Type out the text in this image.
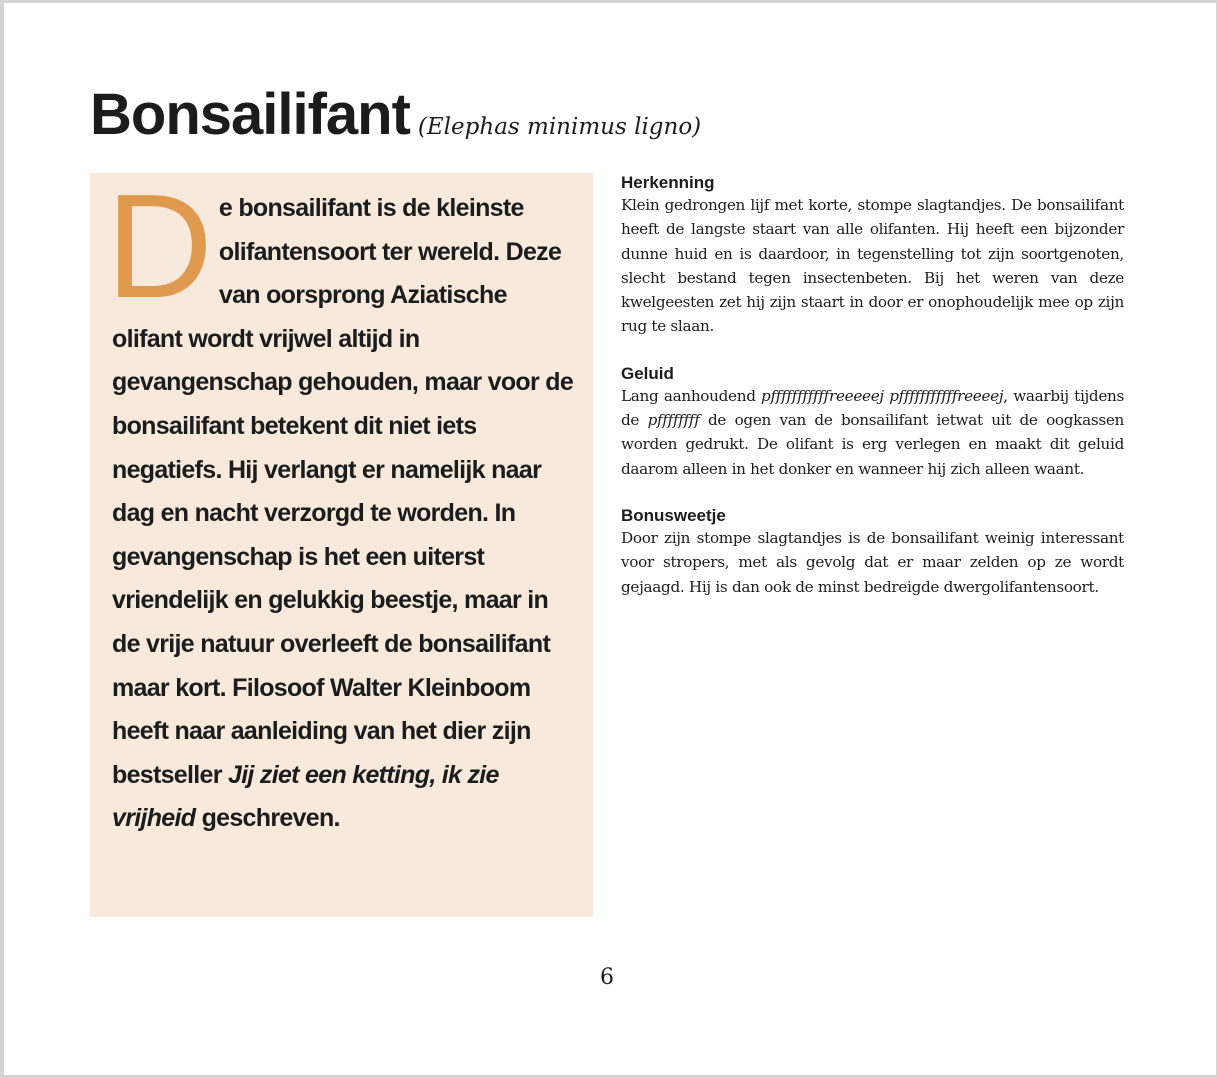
Bonsailifant (Elephas minimus ligno)

De bonsailifant is de kleinste olifantensoort ter wereld. Deze van oorsprong Aziatische olifant wordt vrijwel altijd in gevangenschap gehouden, maar voor de bonsailifant betekent dit niet iets negatiefs. Hij verlangt er namelijk naar dag en nacht verzorgd te worden. In gevangenschap is het een uiterst vriendelijk en gelukkig beestje, maar in de vrije natuur overleeft de bonsailifant maar kort. Filosoof Walter Kleinboom heeft naar aanleiding van het dier zijn bestseller Jij ziet een ketting, ik zie vrijheid geschreven.

Herkenning

Klein gedrongen lijf met korte, stompe slagtandjes. De bonsailifant heeft de langste staart van alle olifanten. Hij heeft een bijzonder dunne huid en is daardoor, in tegenstelling tot zijn soortgenoten, slecht bestand tegen insectenbeten. Bij het weren van deze kwelgeesten zet hij zijn staart in door er onophoudelijk mee op zijn rug te slaan.

Geluid

Lang aanhoudend pfffffffffffreeeeej pfffffffffffreeeej, waarbij tijdens de pffffffff de ogen van de bonsailifant ietwat uit de oogkassen worden gedrukt. De olifant is erg verlegen en maakt dit geluid daarom alleen in het donker en wanneer hij zich alleen waant.

Bonusweetje

Door zijn stompe slagtandjes is de bonsailifant weinig interessant voor stropers, met als gevolg dat er maar zelden op ze wordt gejaagd. Hij is dan ook de minst bedreigde dwergolifantensoort.

6
